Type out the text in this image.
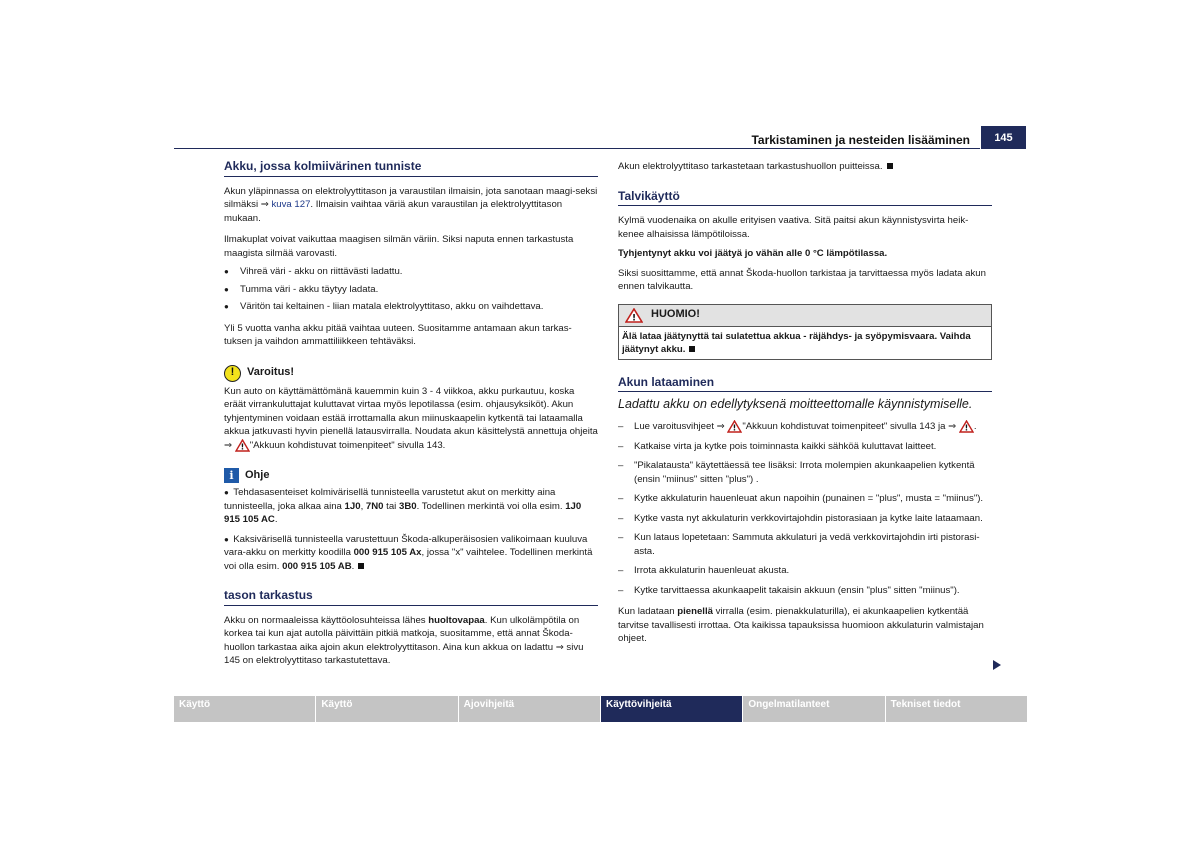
Tarkistaminen ja nesteiden lisääminen	145

Akku, jossa kolmiivärinen tunniste

Akun yläpinnassa on elektrolyyttitason ja varaustilan ilmaisin, jota sanotaan maagi-seksi silmäksi ⇒ kuva 127. Ilmaisin vaihtaa väriä akun varaustilan ja elektrolyyttitason mukaan.

Ilmakuplat voivat vaikuttaa maagisen silmän väriin. Siksi naputa ennen tarkastusta maagista silmää varovasti.

●	Vihreä väri - akku on riittävästi ladattu.

●	Tumma väri - akku täytyy ladata.

●	Väritön tai keltainen - liian matala elektrolyyttitaso, akku on vaihdettava.

Yli 5 vuotta vanha akku pitää vaihtaa uuteen. Suositamme antamaan akun tarkas-tuksen ja vaihdon ammattiliikkeen tehtäväksi.

!	Varoitus!

Kun auto on käyttämättömänä kauemmin kuin 3 - 4 viikkoa, akku purkautuu, koska eräät virrankuluttajat kuluttavat virtaa myös lepotilassa (esim. ohjausyksiköt). Akun tyhjentyminen voidaan estää irrottamalla akun miinuskaapelin kytkentä tai lataamalla akkua jatkuvasti hyvin pienellä latausvirralla. Noudata akun käsittelystä annettuja ohjeita ⇒ ! "Akkuun kohdistuvat toimenpiteet" sivulla 143.

i	Ohje

●  Tehdasasenteiset kolmivärisellä tunnisteella varustetut akut on merkitty aina tunnisteella, joka alkaa aina 1J0, 7N0 tai 3B0. Todellinen merkintä voi olla esim. 1J0 915 105 AC.

●  Kaksivärisellä tunnisteella varustettuun Škoda-alkuperäisosien valikoimaan kuuluva vara-akku on merkitty koodilla 000 915 105 Ax, jossa "x" vaihtelee. Todellinen merkintä voi olla esim. 000 915 105 AB.

tason tarkastus

Akku on normaaleissa käyttöolosuhteissa lähes huoltovapaa. Kun ulkolämpötila on korkea tai kun ajat autolla päivittäin pitkiä matkoja, suositamme, että annat Škoda-huollon tarkastaa aika ajoin akun elektrolyyttitason. Aina kun akkua on ladattu ⇒ sivu 145 on elektrolyyttitaso tarkastutettava.

Akun elektrolyyttitaso tarkastetaan tarkastushuollon puitteissa.

Talvikäyttö

Kylmä vuodenaika on akulle erityisen vaativa. Sitä paitsi akun käynnistysvirta heik-kenee alhaisissa lämpötiloissa.

Tyhjentynyt akku voi jäätyä jo vähän alle 0 °C lämpötilassa.

Siksi suosittamme, että annat Škoda-huollon tarkistaa ja tarvittaessa myös ladata akun ennen talvikautta.

! HUOMIO!
Älä lataa jäätynyttä tai sulatettua akkua - räjähdys- ja syöpymisvaara. Vaihda jäätynyt akku.

Akun lataaminen

Ladattu akku on edellytyksenä moitteettomalle käynnistymiselle.

–	Lue varoitusvihjeet ⇒ ! "Akkuun kohdistuvat toimenpiteet" sivulla 143 ja ⇒ ! .

–	Katkaise virta ja kytke pois toiminnasta kaikki sähköä kuluttavat laitteet.

–	"Pikalatausta" käytettäessä tee lisäksi: Irrota molempien akunkaapelien kytkentä (ensin "miinus" sitten "plus") .

–	Kytke akkulaturin hauenleuat akun napoihin (punainen = "plus", musta = "miinus").

–	Kytke vasta nyt akkulaturin verkkovirtajohdin pistorasiaan ja kytke laite lataamaan.

–	Kun lataus lopetetaan: Sammuta akkulaturi ja vedä verkkovirtajohdin irti pistorasi-asta.

–	Irrota akkulaturin hauenleuat akusta.

–	Kytke tarvittaessa akunkaapelit takaisin akkuun (ensin "plus" sitten "miinus").

Kun ladataan pienellä virralla (esim. pienakkulaturilla), ei akunkaapelien kytkentää tarvitse tavallisesti irrottaa. Ota kaikissa tapauksissa huomioon akkulaturin valmistajan ohjeet.

Käyttö	Käyttö	Ajovihjeitä	Käyttövihjeitä	Ongelmatilanteet	Tekniset tiedot
